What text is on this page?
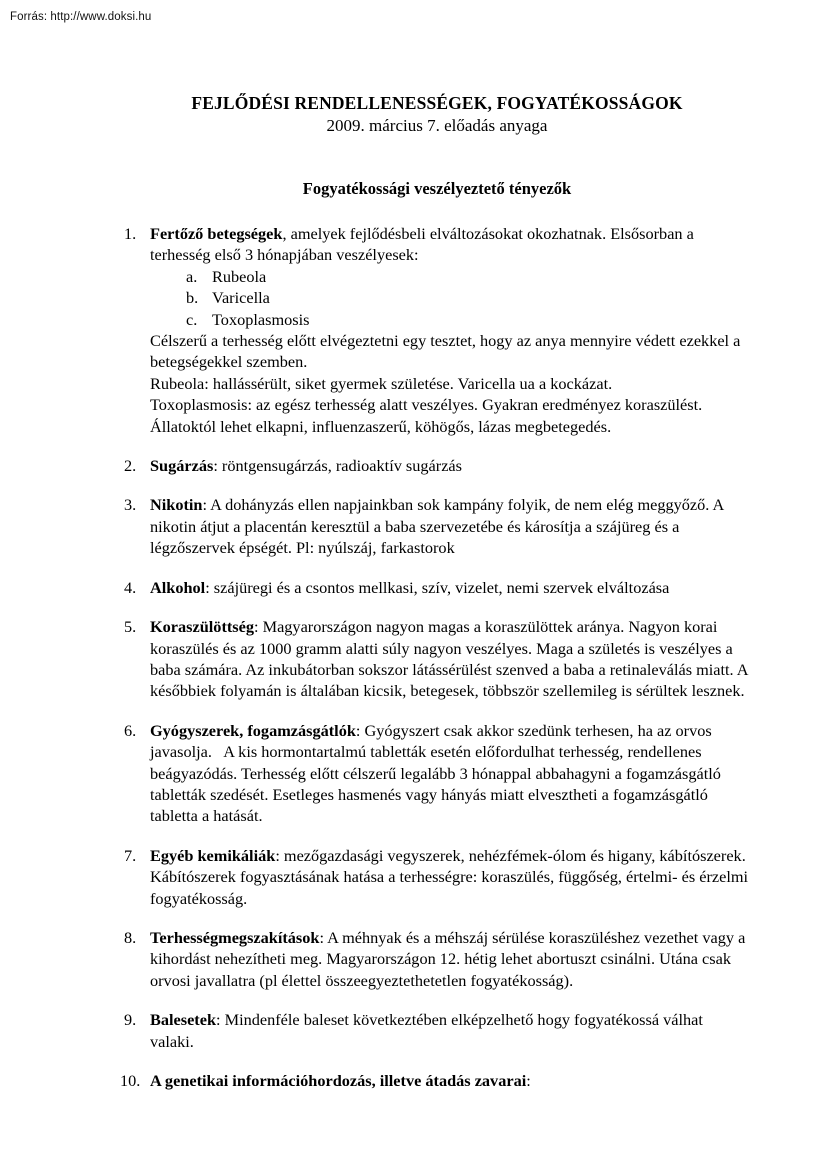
Forrás: http://www.doksi.hu
FEJLŐDÉSI RENDELLENESSÉGEK, FOGYATÉKOSSÁGOK
2009. március 7. előadás anyaga
Fogyatékossági veszélyeztető tényezők
1. Fertőző betegségek, amelyek fejlődésbeli elváltozásokat okozhatnak. Elsősorban a terhesség első 3 hónapjában veszélyesek:
a. Rubeola
b. Varicella
c. Toxoplasmosis

Célszerű a terhesség előtt elvégeztetni egy tesztet, hogy az anya mennyire védett ezekkel a betegségekkel szemben.

Rubeola: hallássérült, siket gyermek születése. Varicella ua a kockázat.

Toxoplasmosis: az egész terhesség alatt veszélyes. Gyakran eredményez koraszülést. Állatoktól lehet elkapni, influenzaszerű, köhögős, lázas megbetegedés.

2. Sugárzás: röntgensugárzás, radioaktív sugárzás
3. Nikotin: A dohányzás ellen napjainkban sok kampány folyik, de nem elég meggyőző. A nikotin átjut a placentán keresztül a baba szervezetébe és károsítja a szájüreg és a légzőszervek épségét. Pl: nyúlszáj, farkastorok
4. Alkohol: szájüregi és a csontos mellkasi, szív, vizelet, nemi szervek elváltozása
5. Koraszülöttség: Magyarországon nagyon magas a koraszülöttek aránya. Nagyon korai koraszülés és az 1000 gramm alatti súly nagyon veszélyes. Maga a születés is veszélyes a baba számára. Az inkubátorban sokszor látássérülést szenved a baba a retinaleválás miatt. A későbbiek folyamán is általában kicsik, betegesek, többször szellemileg is sérültek lesznek.
6. Gyógyszerek, fogamzásgátlók: Gyógyszert csak akkor szedünk terhesen, ha az orvos javasolja.   A kis hormontartalmú tabletták esetén előfordulhat terhesség, rendellenes beágyazódás. Terhesség előtt célszerű legalább 3 hónappal abbahagyni a fogamzásgátló tabletták szedését. Esetleges hasmenés vagy hányás miatt elvesztheti a fogamzásgátló tabletta a hatását.
7. Egyéb kemikáliák: mezőgazdasági vegyszerek, nehézfémek-ólom és higany, kábítószerek. Kábítószerek fogyasztásának hatása a terhességre: koraszülés, függőség, értelmi- és érzelmi fogyatékosság.
8. Terhességmegszakítások: A méhnyak és a méhszáj sérülése koraszüléshez vezethet vagy a kihordást nehezítheti meg. Magyarországon 12. hétig lehet abortuszt csinálni. Utána csak orvosi javallatra (pl élettel összeegyeztethetetlen fogyatékosság).
9. Balesetek: Mindenféle baleset következtében elképzelhető hogy fogyatékossá válhat valaki.
10. A genetikai információhordozás, illetve átadás zavarai:
